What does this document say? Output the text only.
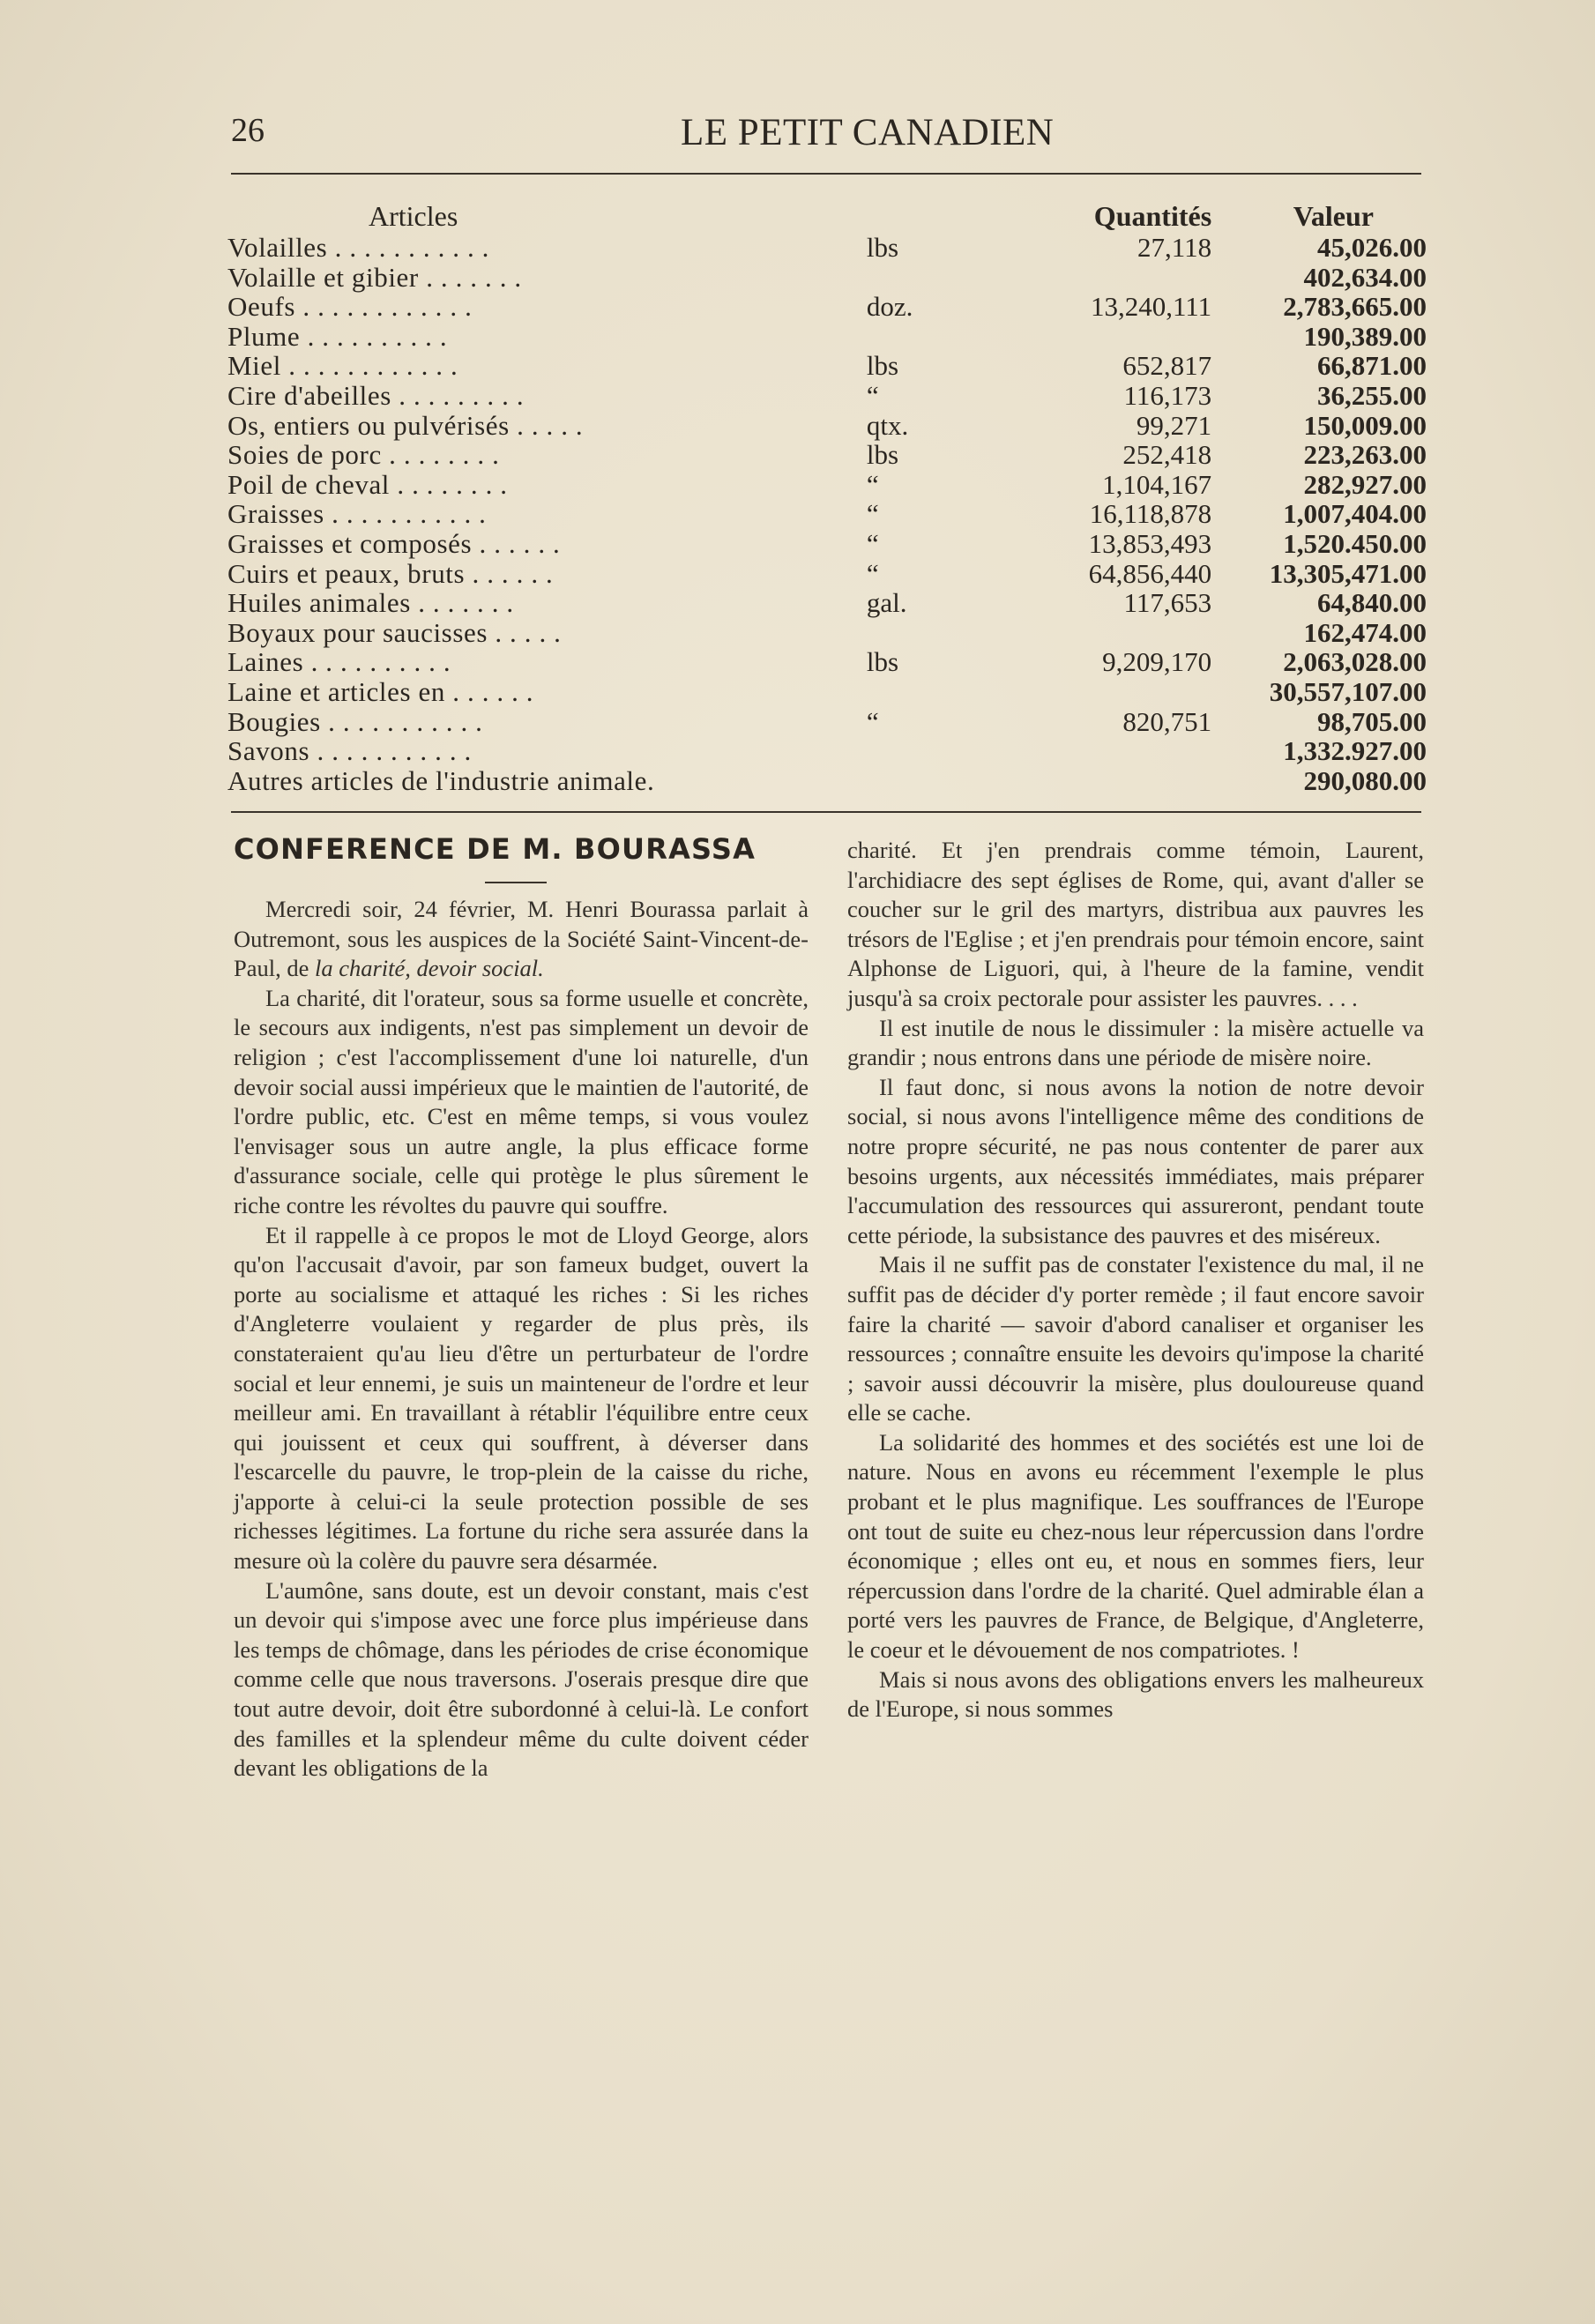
26	LE PETIT CANADIEN
Articles		Quantités	Valeur
Volailles . . . . . . . . . . .	lbs	27,118	45,026.00
Volaille et gibier . . . . . . .			402,634.00
Oeufs . . . . . . . . . . . .	doz.	13,240,111	2,783,665.00
Plume . . . . . . . . . .			190,389.00
Miel . . . . . . . . . . . .	lbs	652,817	66,871.00
Cire d'abeilles . . . . . . . . .	“	116,173	36,255.00
Os, entiers ou pulvérisés . . . . .	qtx.	99,271	150,009.00
Soies de porc . . . . . . . .	lbs	252,418	223,263.00
Poil de cheval . . . . . . . .	“	1,104,167	282,927.00
Graisses . . . . . . . . . . .	“	16,118,878	1,007,404.00
Graisses et composés . . . . . .	“	13,853,493	1,520.450.00
Cuirs et peaux, bruts . . . . . .	“	64,856,440	13,305,471.00
Huiles animales . . . . . . .	gal.	117,653	64,840.00
Boyaux pour saucisses . . . . .			162,474.00
Laines . . . . . . . . . .	lbs	9,209,170	2,063,028.00
Laine et articles en . . . . . .			30,557,107.00
Bougies . . . . . . . . . . .	“	820,751	98,705.00
Savons . . . . . . . . . . .			1,332.927.00
Autres articles de l'industrie animale.			290,080.00
CONFERENCE DE M. BOURASSA

Mercredi soir, 24 février, M. Henri Bourassa parlait à Outremont, sous les auspices de la Société Saint-Vincent-de-Paul, de la charité, devoir social.

La charité, dit l'orateur, sous sa forme usuelle et concrète, le secours aux indigents, n'est pas simplement un devoir de religion ; c'est l'accomplissement d'une loi naturelle, d'un devoir social aussi impérieux que le maintien de l'autorité, de l'ordre public, etc. C'est en même temps, si vous voulez l'envisager sous un autre angle, la plus efficace forme d'assurance sociale, celle qui protège le plus sûrement le riche contre les révoltes du pauvre qui souffre.

Et il rappelle à ce propos le mot de Lloyd George, alors qu'on l'accusait d'avoir, par son fameux budget, ouvert la porte au socialisme et attaqué les riches : Si les riches d'Angleterre voulaient y regarder de plus près, ils constateraient qu'au lieu d'être un perturbateur de l'ordre social et leur ennemi, je suis un mainteneur de l'ordre et leur meilleur ami. En travaillant à rétablir l'équilibre entre ceux qui jouissent et ceux qui souffrent, à déverser dans l'escarcelle du pauvre, le trop-plein de la caisse du riche, j'apporte à celui-ci la seule protection possible de ses richesses légitimes. La fortune du riche sera assurée dans la mesure où la colère du pauvre sera désarmée.

L'aumône, sans doute, est un devoir constant, mais c'est un devoir qui s'impose avec une force plus impérieuse dans les temps de chômage, dans les périodes de crise économique comme celle que nous traversons. J'oserais presque dire que tout autre devoir, doit être subordonné à celui-là. Le confort des familles et la splendeur même du culte doivent céder devant les obligations de la

charité. Et j'en prendrais comme témoin, Laurent, l'archidiacre des sept églises de Rome, qui, avant d'aller se coucher sur le gril des martyrs, distribua aux pauvres les trésors de l'Eglise ; et j'en prendrais pour témoin encore, saint Alphonse de Liguori, qui, à l'heure de la famine, vendit jusqu'à sa croix pectorale pour assister les pauvres. . . .

Il est inutile de nous le dissimuler : la misère actuelle va grandir ; nous entrons dans une période de misère noire.

Il faut donc, si nous avons la notion de notre devoir social, si nous avons l'intelligence même des conditions de notre propre sécurité, ne pas nous contenter de parer aux besoins urgents, aux nécessités immédiates, mais préparer l'accumulation des ressources qui assureront, pendant toute cette période, la subsistance des pauvres et des miséreux.

Mais il ne suffit pas de constater l'existence du mal, il ne suffit pas de décider d'y porter remède ; il faut encore savoir faire la charité — savoir d'abord canaliser et organiser les ressources ; connaître ensuite les devoirs qu'impose la charité ; savoir aussi découvrir la misère, plus douloureuse quand elle se cache.

La solidarité des hommes et des sociétés est une loi de nature. Nous en avons eu récemment l'exemple le plus probant et le plus magnifique. Les souffrances de l'Europe ont tout de suite eu chez-nous leur répercussion dans l'ordre économique ; elles ont eu, et nous en sommes fiers, leur répercussion dans l'ordre de la charité. Quel admirable élan a porté vers les pauvres de France, de Belgique, d'Angleterre, le coeur et le dévouement de nos compatriotes. !

Mais si nous avons des obligations envers les malheureux de l'Europe, si nous sommes
